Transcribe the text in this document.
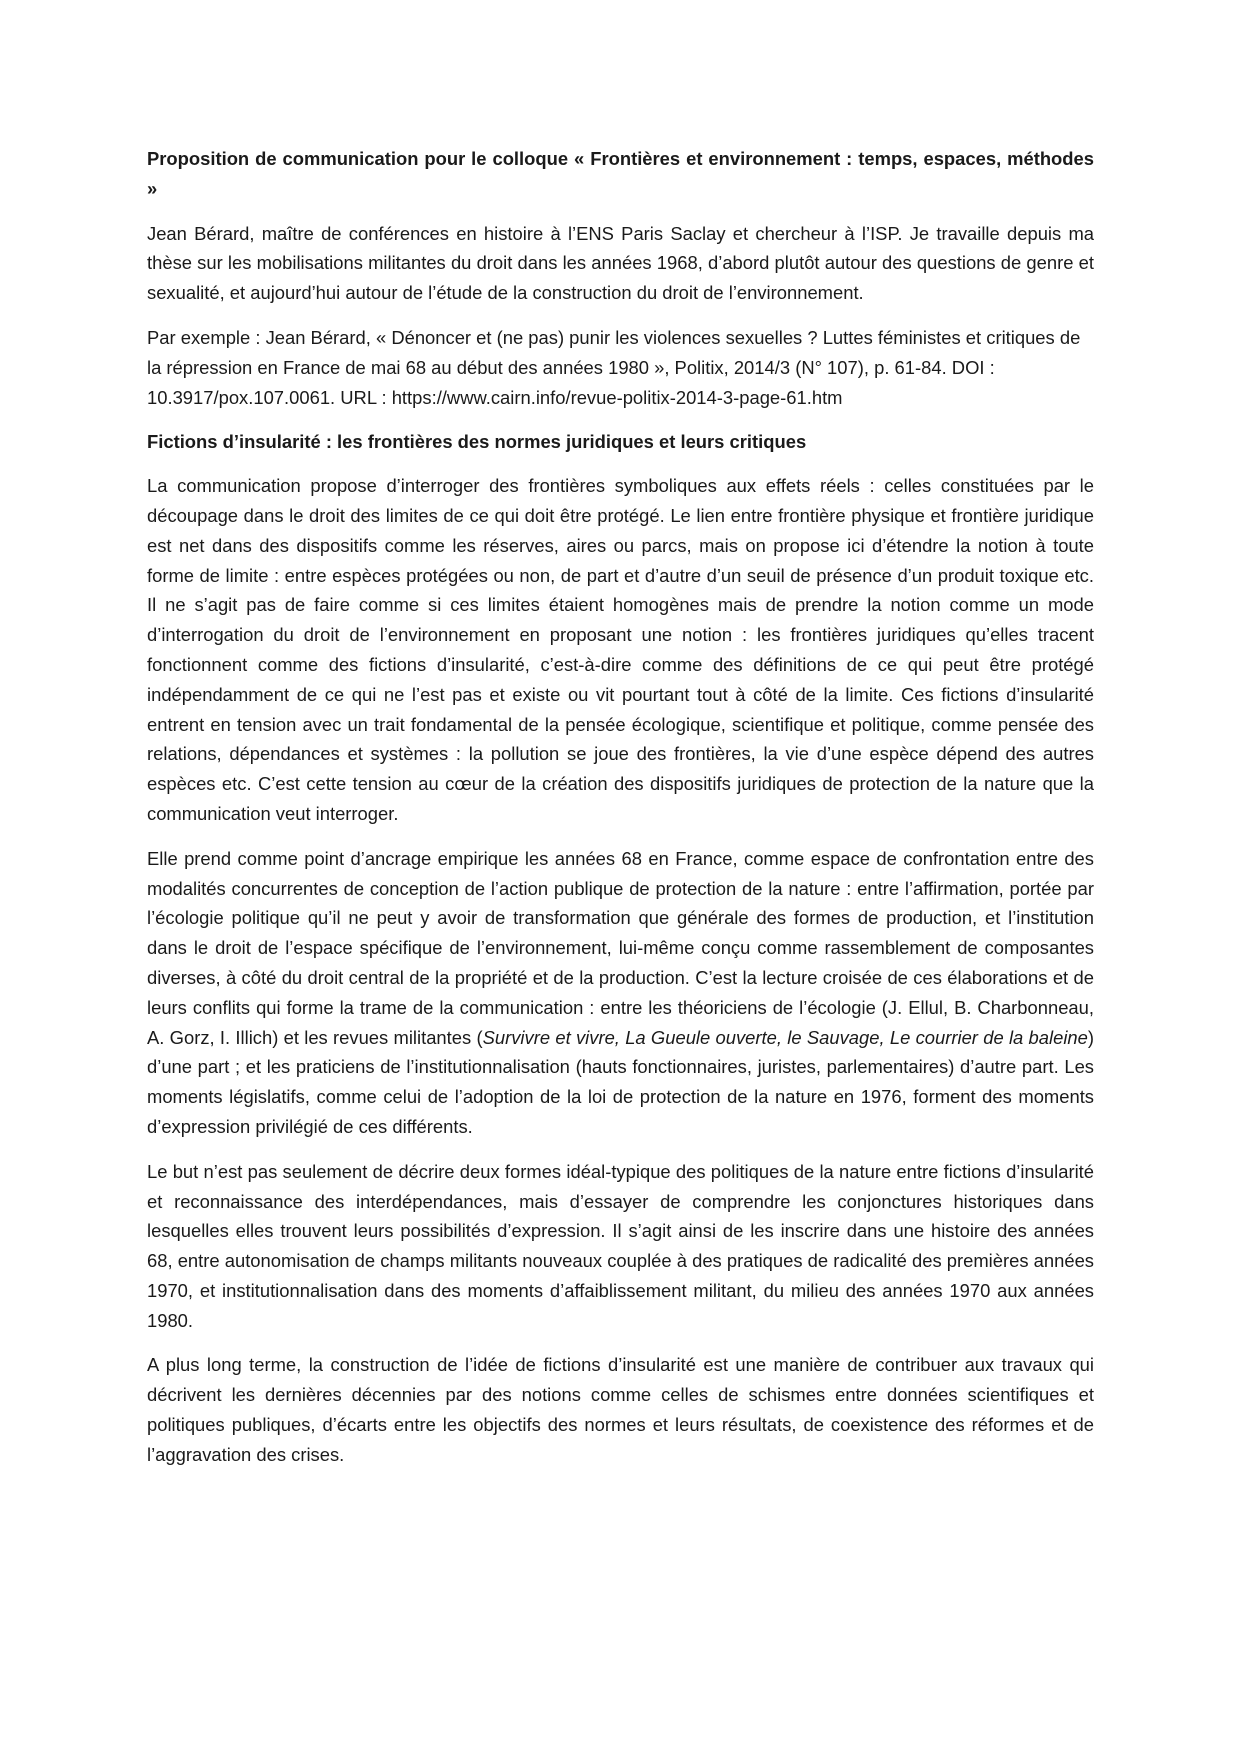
Proposition de communication pour le colloque « Frontières et environnement : temps, espaces, méthodes »

Jean Bérard, maître de conférences en histoire à l’ENS Paris Saclay et chercheur à l’ISP. Je travaille depuis ma thèse sur les mobilisations militantes du droit dans les années 1968, d’abord plutôt autour des questions de genre et sexualité, et aujourd’hui autour de l’étude de la construction du droit de l’environnement.

Par exemple : Jean Bérard, « Dénoncer et (ne pas) punir les violences sexuelles ? Luttes féministes et critiques de la répression en France de mai 68 au début des années 1980 », Politix, 2014/3 (N° 107), p. 61-84. DOI : 10.3917/pox.107.0061. URL : https://www.cairn.info/revue-politix-2014-3-page-61.htm

Fictions d’insularité : les frontières des normes juridiques et leurs critiques

La communication propose d’interroger des frontières symboliques aux effets réels : celles constituées par le découpage dans le droit des limites de ce qui doit être protégé. Le lien entre frontière physique et frontière juridique est net dans des dispositifs comme les réserves, aires ou parcs, mais on propose ici d’étendre la notion à toute forme de limite : entre espèces protégées ou non, de part et d’autre d’un seuil de présence d’un produit toxique etc. Il ne s’agit pas de faire comme si ces limites étaient homogènes mais de prendre la notion comme un mode d’interrogation du droit de l’environnement en proposant une notion : les frontières juridiques qu’elles tracent fonctionnent comme des fictions d’insularité, c’est-à-dire comme des définitions de ce qui peut être protégé indépendamment de ce qui ne l’est pas et existe ou vit pourtant tout à côté de la limite. Ces fictions d’insularité entrent en tension avec un trait fondamental de la pensée écologique, scientifique et politique, comme pensée des relations, dépendances et systèmes : la pollution se joue des frontières, la vie d’une espèce dépend des autres espèces etc. C’est cette tension au cœur de la création des dispositifs juridiques de protection de la nature que la communication veut interroger.

Elle prend comme point d’ancrage empirique les années 68 en France, comme espace de confrontation entre des modalités concurrentes de conception de l’action publique de protection de la nature : entre l’affirmation, portée par l’écologie politique qu’il ne peut y avoir de transformation que générale des formes de production, et l’institution dans le droit de l’espace spécifique de l’environnement, lui-même conçu comme rassemblement de composantes diverses, à côté du droit central de la propriété et de la production. C’est la lecture croisée de ces élaborations et de leurs conflits qui forme la trame de la communication : entre les théoriciens de l’écologie (J. Ellul, B. Charbonneau, A. Gorz, I. Illich) et les revues militantes (Survivre et vivre, La Gueule ouverte, le Sauvage, Le courrier de la baleine) d’une part ; et les praticiens de l’institutionnalisation (hauts fonctionnaires, juristes, parlementaires) d’autre part. Les moments législatifs, comme celui de l’adoption de la loi de protection de la nature en 1976, forment des moments d’expression privilégié de ces différents.

Le but n’est pas seulement de décrire deux formes idéal-typique des politiques de la nature entre fictions d’insularité et reconnaissance des interdépendances, mais d’essayer de comprendre les conjonctures historiques dans lesquelles elles trouvent leurs possibilités d’expression. Il s’agit ainsi de les inscrire dans une histoire des années 68, entre autonomisation de champs militants nouveaux couplée à des pratiques de radicalité des premières années 1970, et institutionnalisation dans des moments d’affaiblissement militant, du milieu des années 1970 aux années 1980.

A plus long terme, la construction de l’idée de fictions d’insularité est une manière de contribuer aux travaux qui décrivent les dernières décennies par des notions comme celles de schismes entre données scientifiques et politiques publiques, d’écarts entre les objectifs des normes et leurs résultats, de coexistence des réformes et de l’aggravation des crises.
